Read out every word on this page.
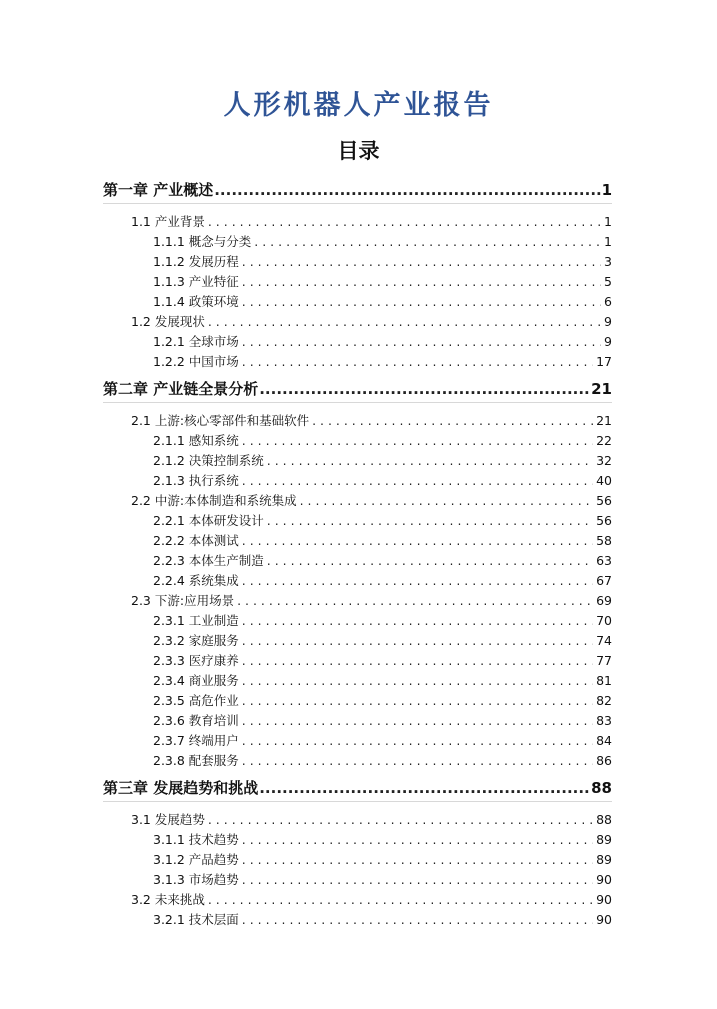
人形机器人产业报告
目录
第一章 产业概述 .....	1
1.1 产业背景 . . .	1
1.1.1 概念与分类 . . .	1
1.1.2 发展历程 . . .	3
1.1.3 产业特征 . . .	5
1.1.4 政策环境 . . .	6
1.2 发展现状 . . .	9
1.2.1 全球市场 . . .	9
1.2.2 中国市场 . . .	17
第二章 产业链全景分析 .....	21
2.1 上游:核心零部件和基础软件 . . .	21
2.1.1 感知系统 . . .	22
2.1.2 决策控制系统 . . .	32
2.1.3 执行系统 . . .	40
2.2 中游:本体制造和系统集成 . . .	56
2.2.1 本体研发设计 . . .	56
2.2.2 本体测试 . . .	58
2.2.3 本体生产制造 . . .	63
2.2.4 系统集成 . . .	67
2.3 下游:应用场景 . . .	69
2.3.1 工业制造 . . .	70
2.3.2 家庭服务 . . .	74
2.3.3 医疗康养 . . .	77
2.3.4 商业服务 . . .	81
2.3.5 高危作业 . . .	82
2.3.6 教育培训 . . .	83
2.3.7 终端用户 . . .	84
2.3.8 配套服务 . . .	86
第三章 发展趋势和挑战 .....	88
3.1 发展趋势 . . .	88
3.1.1 技术趋势 . . .	89
3.1.2 产品趋势 . . .	89
3.1.3 市场趋势 . . .	90
3.2 未来挑战 . . .	90
3.2.1 技术层面 . . .	90
